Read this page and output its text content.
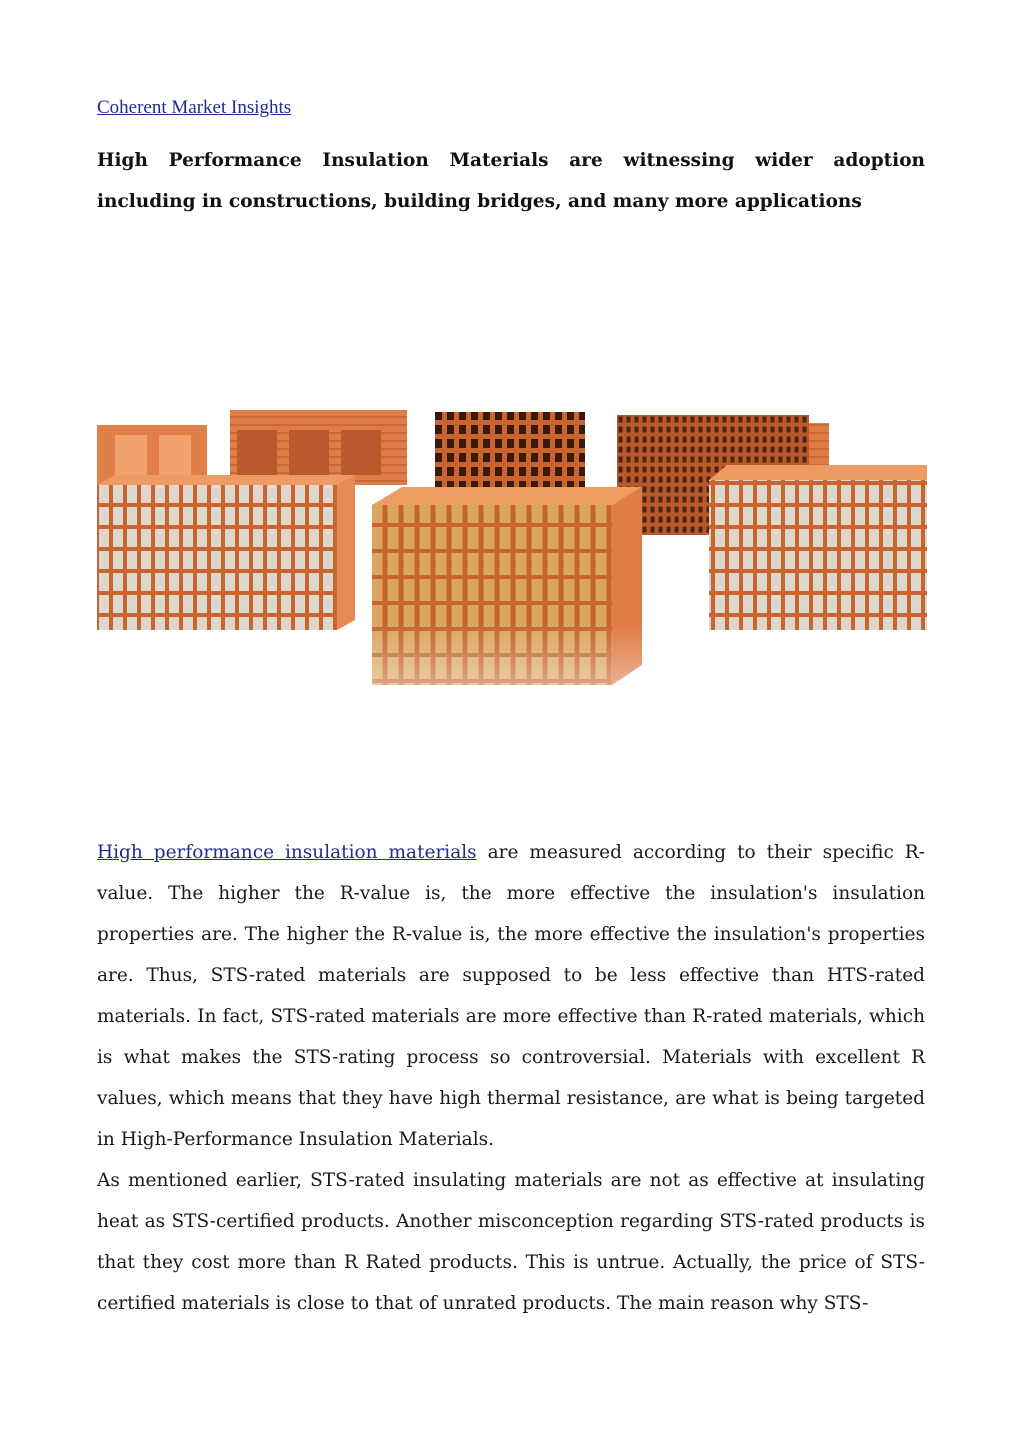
Coherent Market Insights

High Performance Insulation Materials are witnessing wider adoption including in constructions, building bridges, and many more applications

High performance insulation materials are measured according to their specific R-value. The higher the R-value is, the more effective the insulation's insulation properties are. The higher the R-value is, the more effective the insulation's properties are. Thus, STS-rated materials are supposed to be less effective than HTS-rated materials. In fact, STS-rated materials are more effective than R-rated materials, which is what makes the STS-rating process so controversial. Materials with excellent R values, which means that they have high thermal resistance, are what is being targeted in High-Performance Insulation Materials.

As mentioned earlier, STS-rated insulating materials are not as effective at insulating heat as STS-certified products. Another misconception regarding STS-rated products is that they cost more than R Rated products. This is untrue. Actually, the price of STS-certified materials is close to that of unrated products. The main reason why STS-
